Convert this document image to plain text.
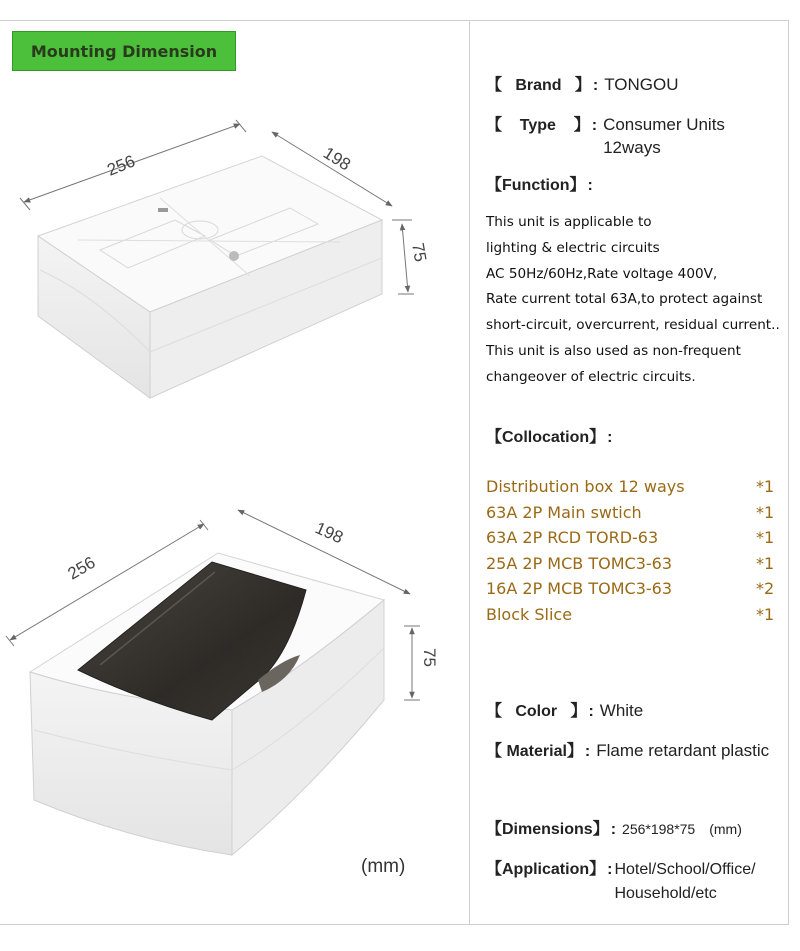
Mounting Dimension
256	198
75
256
198
75
(mm)
【   Brand   】 : TONGOU
【    Type    】 : Consumer Units
12ways
【Function】 :
This unit is applicable to
lighting & electric circuits
AC 50Hz/60Hz,Rate voltage 400V,
Rate current total 63A,to protect against
short-circuit, overcurrent, residual current..
This unit is also used as non-frequent
changeover of electric circuits.
【Collocation】 :
Distribution box 12 ways	*1
63A 2P Main swtich	*1
63A 2P RCD TORD-63	*1
25A 2P MCB TOMC3-63	*1
16A 2P MCB TOMC3-63	*2
Block Slice	*1
【   Color   】 : White
【 Material】 : Flame retardant plastic
【Dimensions】 : 256*198*75 (mm)
【Application】 : Hotel/School/Office/
Household/etc
